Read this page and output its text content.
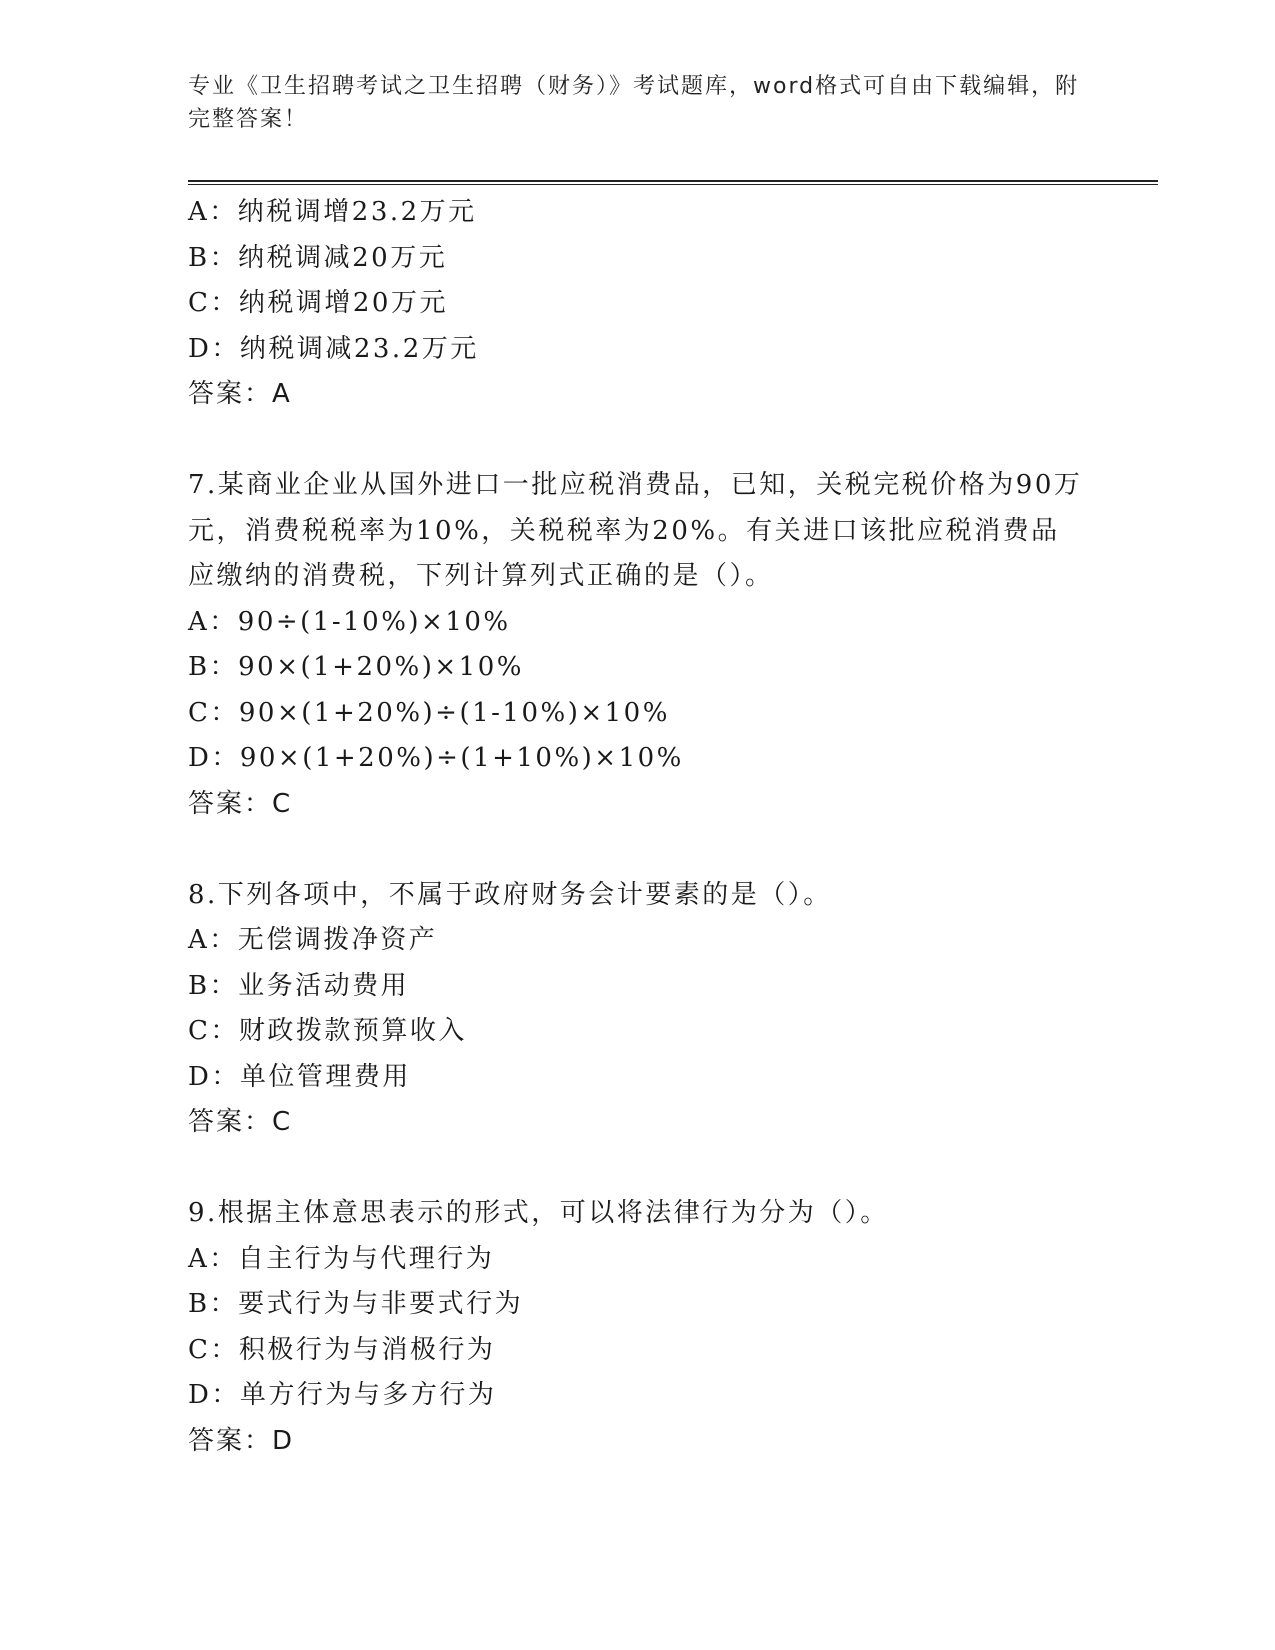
专业《卫生招聘考试之卫生招聘（财务）》考试题库，word格式可自由下载编辑，附完整答案！
A：纳税调增23.2万元
B：纳税调减20万元
C：纳税调增20万元
D：纳税调减23.2万元
答案：A
7.某商业企业从国外进口一批应税消费品，已知，关税完税价格为90万元，消费税税率为10%，关税税率为20%。有关进口该批应税消费品应缴纳的消费税，下列计算列式正确的是（）。
A：90÷(1-10%)×10%
B：90×(1+20%)×10%
C：90×(1+20%)÷(1-10%)×10%
D：90×(1+20%)÷(1+10%)×10%
答案：C
8.下列各项中，不属于政府财务会计要素的是（）。
A：无偿调拨净资产
B：业务活动费用
C：财政拨款预算收入
D：单位管理费用
答案：C
9.根据主体意思表示的形式，可以将法律行为分为（）。
A：自主行为与代理行为
B：要式行为与非要式行为
C：积极行为与消极行为
D：单方行为与多方行为
答案：D
